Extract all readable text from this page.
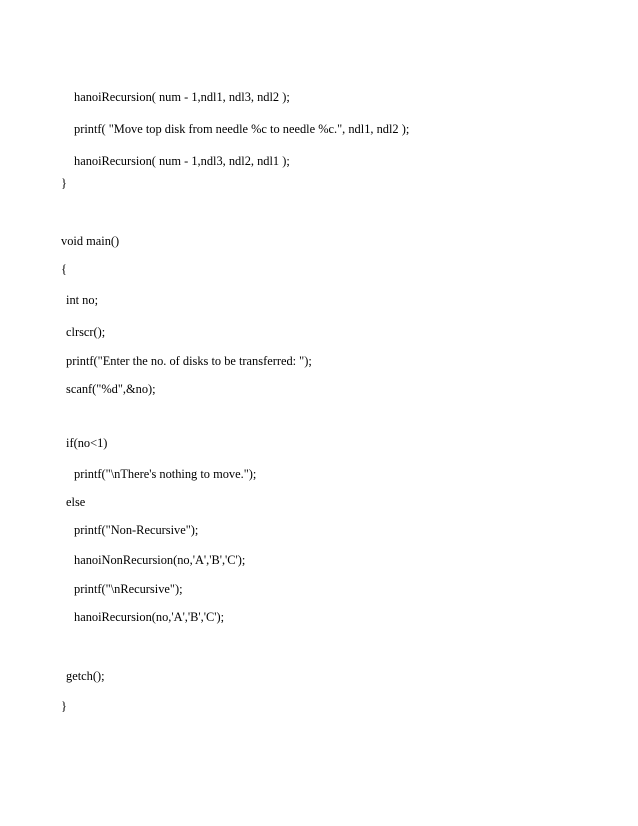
hanoiRecursion( num - 1,ndl1, ndl3, ndl2 );
printf( "Move top disk from needle %c to needle %c.", ndl1, ndl2 );
hanoiRecursion( num - 1,ndl3, ndl2, ndl1 );
}
void main()
{
int no;
clrscr();
printf("Enter the no. of disks to be transferred: ");
scanf("%d",&no);
if(no<1)
printf("\nThere's nothing to move.");
else
printf("Non-Recursive");
hanoiNonRecursion(no,'A','B','C');
printf("\nRecursive");
hanoiRecursion(no,'A','B','C');
getch();
}
